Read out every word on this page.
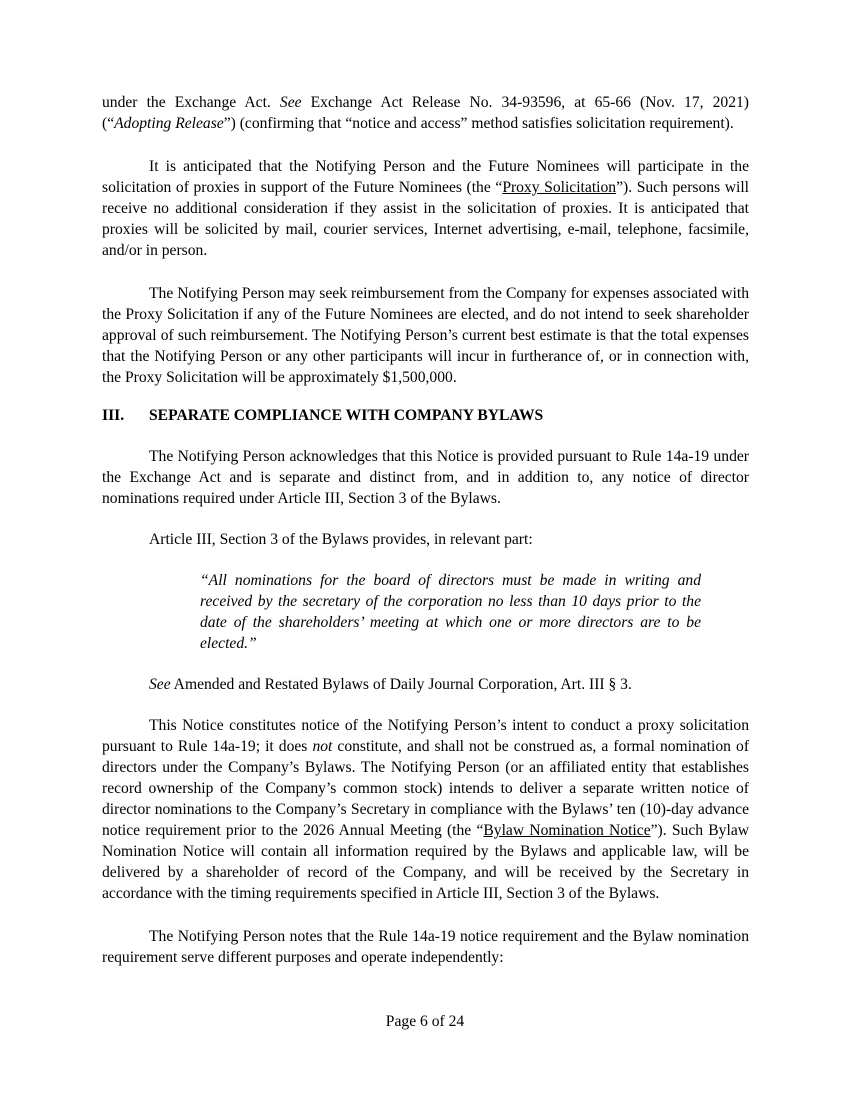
under the Exchange Act. See Exchange Act Release No. 34-93596, at 65-66 (Nov. 17, 2021) (“Adopting Release”) (confirming that “notice and access” method satisfies solicitation requirement).

It is anticipated that the Notifying Person and the Future Nominees will participate in the solicitation of proxies in support of the Future Nominees (the “Proxy Solicitation”). Such persons will receive no additional consideration if they assist in the solicitation of proxies. It is anticipated that proxies will be solicited by mail, courier services, Internet advertising, e-mail, telephone, facsimile, and/or in person.

The Notifying Person may seek reimbursement from the Company for expenses associated with the Proxy Solicitation if any of the Future Nominees are elected, and do not intend to seek shareholder approval of such reimbursement. The Notifying Person’s current best estimate is that the total expenses that the Notifying Person or any other participants will incur in furtherance of, or in connection with, the Proxy Solicitation will be approximately $1,500,000.

III.	SEPARATE COMPLIANCE WITH COMPANY BYLAWS

The Notifying Person acknowledges that this Notice is provided pursuant to Rule 14a-19 under the Exchange Act and is separate and distinct from, and in addition to, any notice of director nominations required under Article III, Section 3 of the Bylaws.

Article III, Section 3 of the Bylaws provides, in relevant part:

“All nominations for the board of directors must be made in writing and received by the secretary of the corporation no less than 10 days prior to the date of the shareholders’ meeting at which one or more directors are to be elected.”

See Amended and Restated Bylaws of Daily Journal Corporation, Art. III § 3.

This Notice constitutes notice of the Notifying Person’s intent to conduct a proxy solicitation pursuant to Rule 14a-19; it does not constitute, and shall not be construed as, a formal nomination of directors under the Company’s Bylaws. The Notifying Person (or an affiliated entity that establishes record ownership of the Company’s common stock) intends to deliver a separate written notice of director nominations to the Company’s Secretary in compliance with the Bylaws’ ten (10)-day advance notice requirement prior to the 2026 Annual Meeting (the “Bylaw Nomination Notice”). Such Bylaw Nomination Notice will contain all information required by the Bylaws and applicable law, will be delivered by a shareholder of record of the Company, and will be received by the Secretary in accordance with the timing requirements specified in Article III, Section 3 of the Bylaws.

The Notifying Person notes that the Rule 14a-19 notice requirement and the Bylaw nomination requirement serve different purposes and operate independently:

Page 6 of 24
